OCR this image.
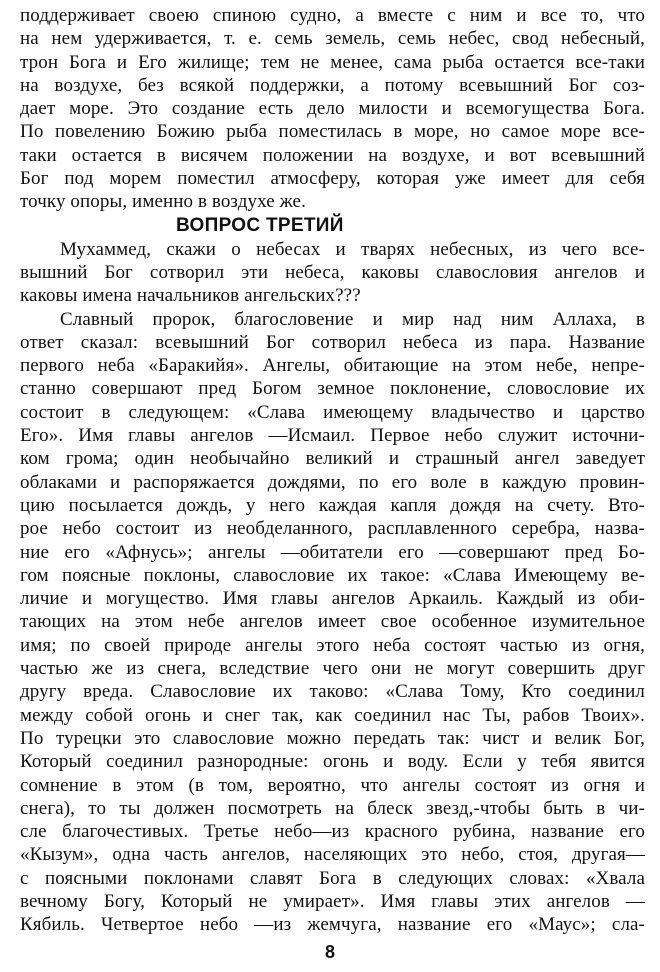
поддерживает своею спиною судно, а вместе с ним и все то, что
на нем удерживается, т. е. семь земель, семь небес, свод небесный,
трон Бога и Его жилище; тем не менее, сама рыба остается все-таки
на воздухе, без всякой поддержки, а потому всевышний Бог соз-
дает море. Это создание есть дело милости и всемогущества Бога.
По повелению Божию рыба поместилась в море, но самое море все-
таки остается в висячем положении на воздухе, и вот всевышний
Бог под морем поместил атмосферу, которая уже имеет для себя
точку опоры, именно в воздухе же.
ВОПРОС ТРЕТИЙ
Мухаммед, скажи о небесах и тварях небесных, из чего все-
вышний Бог сотворил эти небеса, каковы славословия ангелов и
каковы имена начальников ангельских???
Славный пророк, благословение и мир над ним Аллаха, в
ответ сказал: всевышний Бог сотворил небеса из пара. Название
первого неба «Баракийя». Ангелы, обитающие на этом небе, непре-
станно совершают пред Богом земное поклонение, словословие их
состоит в следующем: «Слава имеющему владычество и царство
Его». Имя главы ангелов —Исмаил. Первое небо служит источни-
ком грома; один необычайно великий и страшный ангел заведует
облаками и распоряжается дождями, по его воле в каждую провин-
цию посылается дождь, у него каждая капля дождя на счету. Вто-
рое небо состоит из необделанного, расплавленного серебра, назва-
ние его «Афнусь»; ангелы —обитатели его —совершают пред Бо-
гом поясные поклоны, славословие их такое: «Слава Имеющему ве-
личие и могущество. Имя главы ангелов Аркаиль. Каждый из оби-
тающих на этом небе ангелов имеет свое особенное изумительное
имя; по своей природе ангелы этого неба состоят частью из огня,
частью же из снега, вследствие чего они не могут совершить друг
другу вреда. Славословие их таково: «Слава Тому, Кто соединил
между собой огонь и снег так, как соединил нас Ты, рабов Твоих».
По турецки это славословие можно передать так: чист и велик Бог,
Который соединил разнородные: огонь и воду. Если у тебя явится
сомнение в этом (в том, вероятно, что ангелы состоят из огня и
снега), то ты должен посмотреть на блеск звезд,-чтобы быть в чи-
сле благочестивых. Третье небо—из красного рубина, название его
«Кызум», одна часть ангелов, населяющих это небо, стоя, другая—
с поясными поклонами славят Бога в следующих словах: «Хвала
вечному Богу, Который не умирает». Имя главы этих ангелов —
Кябиль. Четвертое небо —из жемчуга, название его «Маус»; сла-
8
